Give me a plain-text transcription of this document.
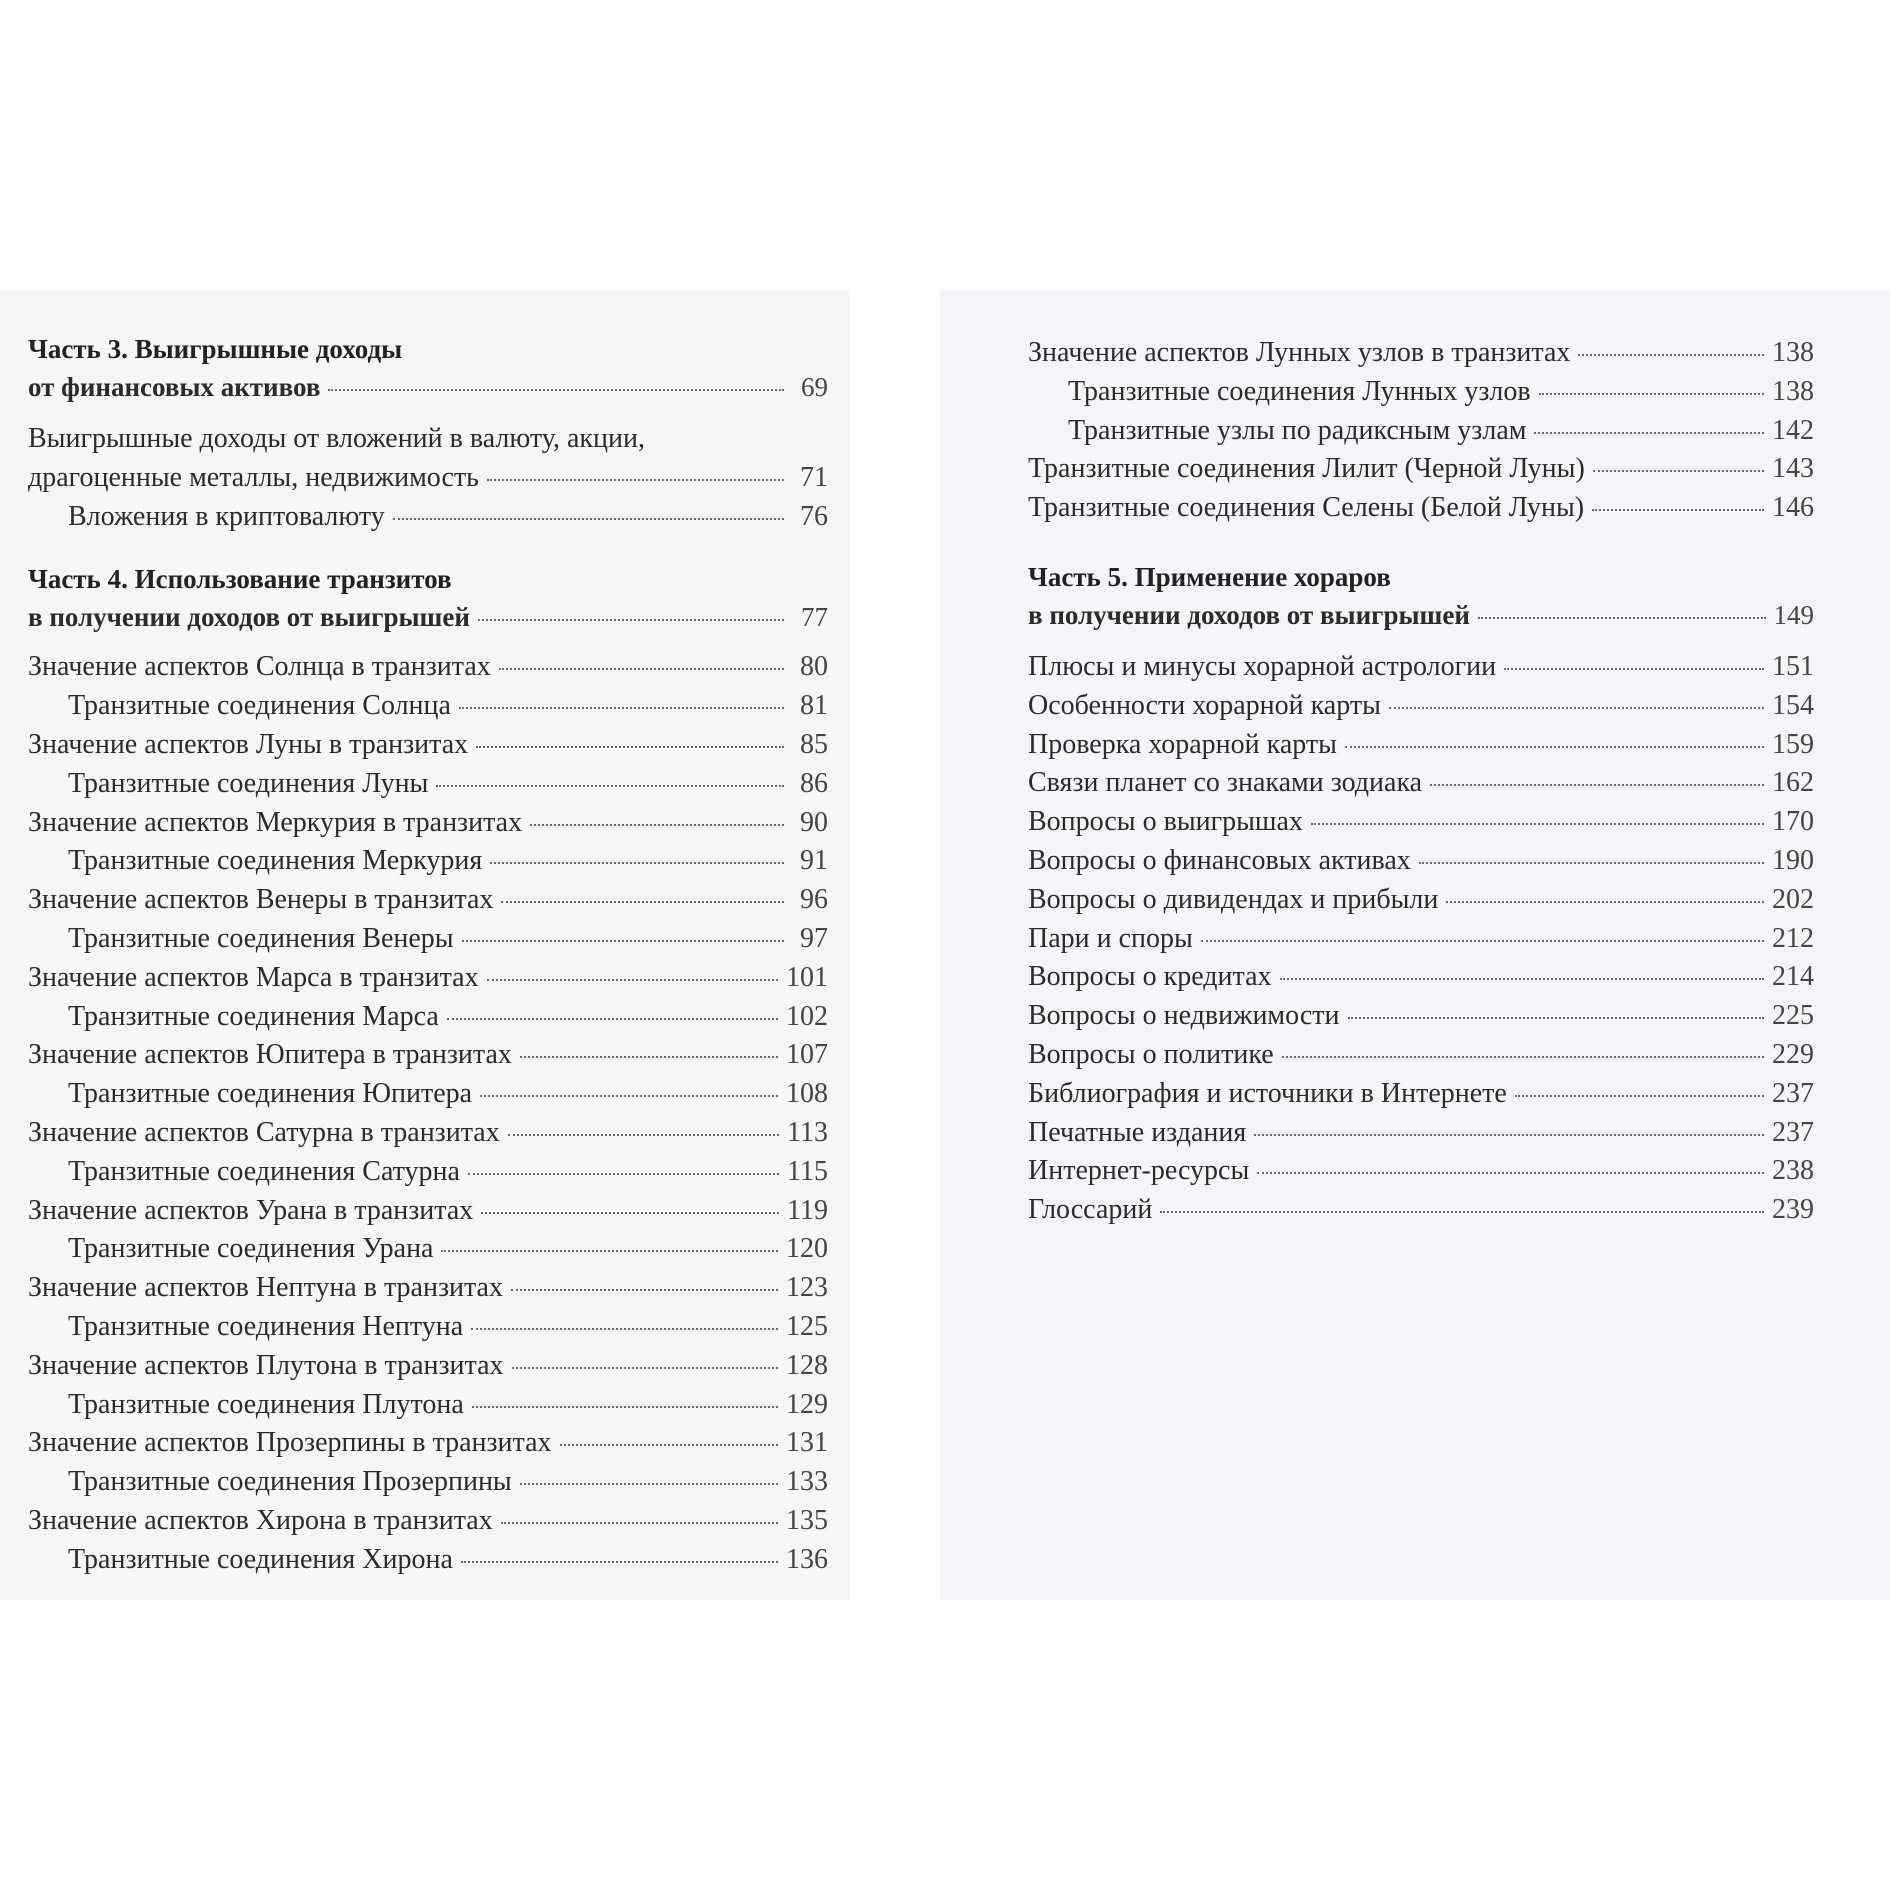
Часть 3. Выигрышные доходы
от финансовых активов	69
Выигрышные доходы от вложений в валюту, акции,
драгоценные металлы, недвижимость	71
Вложения в криптовалюту	76
Часть 4. Использование транзитов
в получении доходов от выигрышей	77
Значение аспектов Солнца в транзитах	80
Транзитные соединения Солнца	81
Значение аспектов Луны в транзитах	85
Транзитные соединения Луны	86
Значение аспектов Меркурия в транзитах	90
Транзитные соединения Меркурия	91
Значение аспектов Венеры в транзитах	96
Транзитные соединения Венеры	97
Значение аспектов Марса в транзитах	101
Транзитные соединения Марса	102
Значение аспектов Юпитера в транзитах	107
Транзитные соединения Юпитера	108
Значение аспектов Сатурна в транзитах	113
Транзитные соединения Сатурна	115
Значение аспектов Урана в транзитах	119
Транзитные соединения Урана	120
Значение аспектов Нептуна в транзитах	123
Транзитные соединения Нептуна	125
Значение аспектов Плутона в транзитах	128
Транзитные соединения Плутона	129
Значение аспектов Прозерпины в транзитах	131
Транзитные соединения Прозерпины	133
Значение аспектов Хирона в транзитах	135
Транзитные соединения Хирона	136
Значение аспектов Лунных узлов в транзитах	138
Транзитные соединения Лунных узлов	138
Транзитные узлы по радиксным узлам	142
Транзитные соединения Лилит (Черной Луны)	143
Транзитные соединения Селены (Белой Луны)	146
Часть 5. Применение хораров
в получении доходов от выигрышей	149
Плюсы и минусы хорарной астрологии	151
Особенности хорарной карты	154
Проверка хорарной карты	159
Связи планет со знаками зодиака	162
Вопросы о выигрышах	170
Вопросы о финансовых активах	190
Вопросы о дивидендах и прибыли	202
Пари и споры	212
Вопросы о кредитах	214
Вопросы о недвижимости	225
Вопросы о политике	229
Библиография и источники в Интернете	237
Печатные издания	237
Интернет-ресурсы	238
Глоссарий	239
